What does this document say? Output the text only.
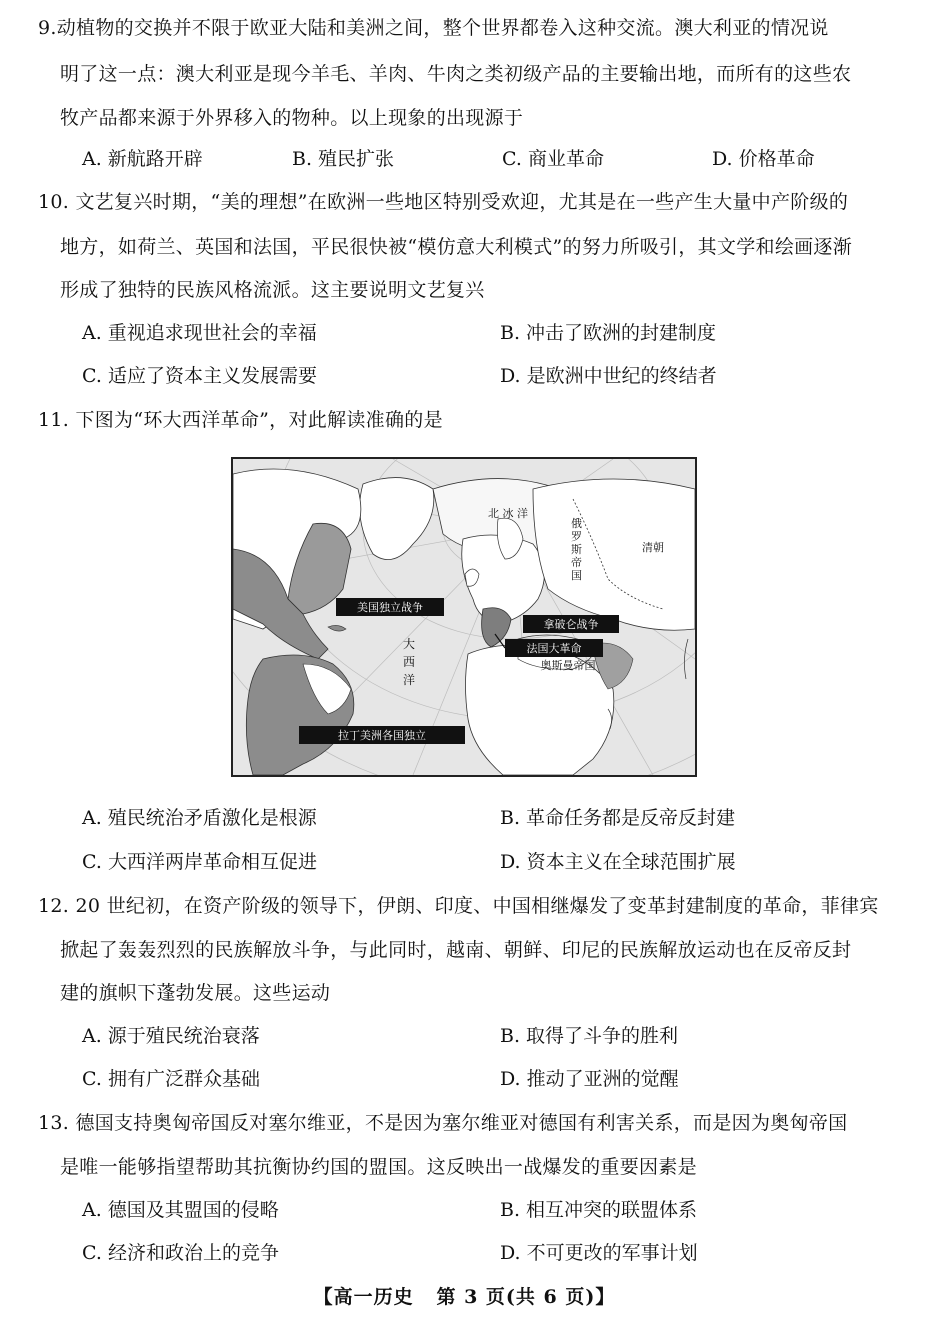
9.动植物的交换并不限于欧亚大陆和美洲之间，整个世界都卷入这种交流。澳大利亚的情况说
明了这一点：澳大利亚是现今羊毛、羊肉、牛肉之类初级产品的主要输出地，而所有的这些农
牧产品都来源于外界移入的物种。以上现象的出现源于
A. 新航路开辟	B. 殖民扩张	C. 商业革命	D. 价格革命
10. 文艺复兴时期，“美的理想”在欧洲一些地区特别受欢迎，尤其是在一些产生大量中产阶级的
地方，如荷兰、英国和法国，平民很快被“模仿意大利模式”的努力所吸引，其文学和绘画逐渐
形成了独特的民族风格流派。这主要说明文艺复兴
A. 重视追求现世社会的幸福	B. 冲击了欧洲的封建制度
C. 适应了资本主义发展需要	D. 是欧洲中世纪的终结者
11. 下图为“环大西洋革命”，对此解读准确的是
美国独立战争
拿破仑战争
法国大革命
拉丁美洲各国独立
北 冰 洋
清朝
奥斯曼帝国
俄罗斯帝国
大西洋
A. 殖民统治矛盾激化是根源	B. 革命任务都是反帝反封建
C. 大西洋两岸革命相互促进	D. 资本主义在全球范围扩展
12. 20 世纪初，在资产阶级的领导下，伊朗、印度、中国相继爆发了变革封建制度的革命，菲律宾
掀起了轰轰烈烈的民族解放斗争，与此同时，越南、朝鲜、印尼的民族解放运动也在反帝反封
建的旗帜下蓬勃发展。这些运动
A. 源于殖民统治衰落	B. 取得了斗争的胜利
C. 拥有广泛群众基础	D. 推动了亚洲的觉醒
13. 德国支持奥匈帝国反对塞尔维亚，不是因为塞尔维亚对德国有利害关系，而是因为奥匈帝国
是唯一能够指望帮助其抗衡协约国的盟国。这反映出一战爆发的重要因素是
A. 德国及其盟国的侵略	B. 相互冲突的联盟体系
C. 经济和政治上的竞争	D. 不可更改的军事计划
【高一历史 第 3 页(共 6 页)】
